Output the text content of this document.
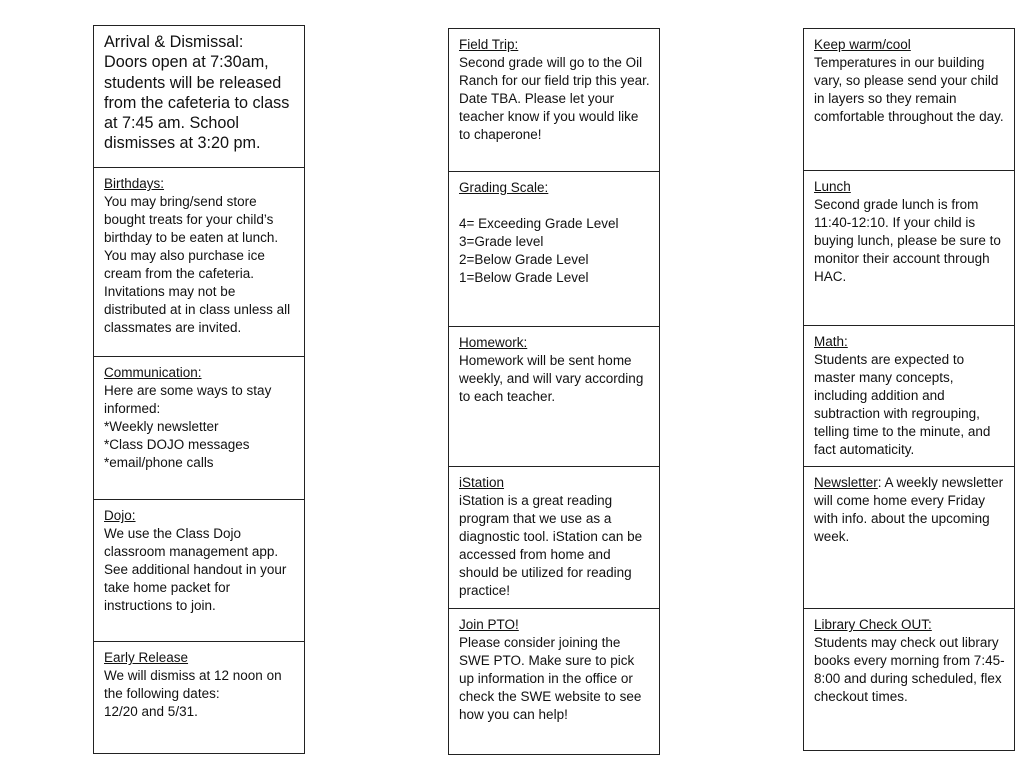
Arrival & Dismissal:
Doors open at 7:30am, students will be released from the cafeteria to class at 7:45 am. School dismisses at 3:20 pm.
Birthdays:
You may bring/send store bought treats for your child’s birthday to be eaten at lunch. You may also purchase ice cream from the cafeteria. Invitations may not be distributed at in class unless all classmates are invited.
Communication:
Here are some ways to stay informed:
*Weekly newsletter
*Class DOJO messages
*email/phone calls
Dojo:
We use the Class Dojo classroom management app. See additional handout in your take home packet for instructions to join.
Early Release
We will dismiss at 12 noon on the following dates:
12/20 and 5/31.
Field Trip:
Second grade will go to the Oil Ranch for our field trip this year. Date TBA. Please let your teacher know if you would like to chaperone!
Grading Scale:

4= Exceeding Grade Level
3=Grade level
2=Below Grade Level
1=Below Grade Level
Homework:
Homework will be sent home weekly, and will vary according to each teacher.
iStation
iStation is a great reading program that we use as a diagnostic tool. iStation can be accessed from home and should be utilized for reading practice!
Join PTO!
Please consider joining the SWE PTO. Make sure to pick up information in the office or check the SWE website to see how you can help!
Keep warm/cool
Temperatures in our building vary, so please send your child in layers so they remain comfortable throughout the day.
Lunch
Second grade lunch is from 11:40-12:10. If your child is buying lunch, please be sure to monitor their account through HAC.
Math:
Students are expected to master many concepts, including addition and subtraction with regrouping, telling time to the minute, and fact automaticity.
Newsletter: A weekly newsletter will come home every Friday with info. about the upcoming week.
Library Check OUT:
Students may check out library books every morning from 7:45-8:00 and during scheduled, flex checkout times.
